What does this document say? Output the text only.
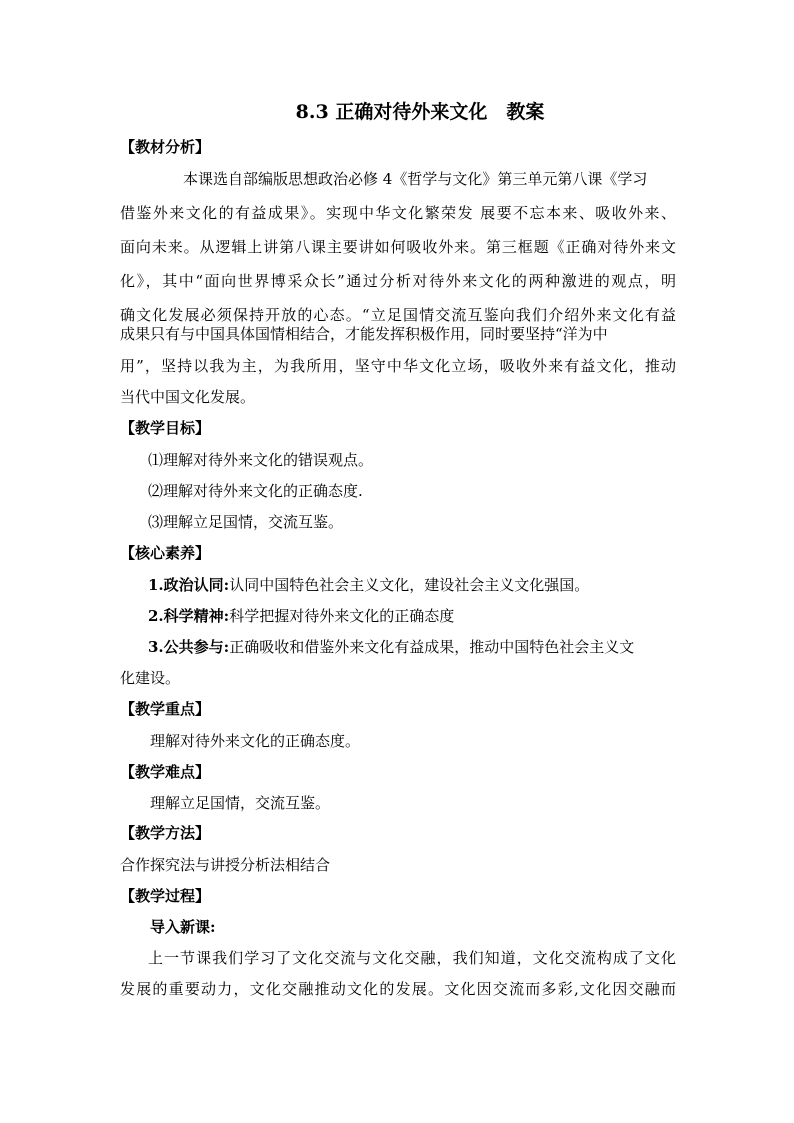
8.3 正确对待外来文化　教案
【教材分析】
本课选自部编版思想政治必修 4《哲学与文化》第三单元第八课《学习
借鉴外来文化的有益成果》。实现中华文化繁荣发 展要不忘本来、吸收外来、
面向未来。从逻辑上讲第八课主要讲如何吸收外来。第三框题《正确对待外来文
化》，其中“面向世界博采众长”通过分析对待外来文化的两种激进的观点，明
确文化发展必须保持开放的心态。“立足国情交流互鉴向我们介绍外来文化有益
成果只有与中国具体国情相结合，才能发挥积极作用，同时要坚持“洋为中
用”，坚持以我为主，为我所用，坚守中华文化立场，吸收外来有益文化，推动
当代中国文化发展。
【教学目标】
⑴理解对待外来文化的错误观点。
⑵理解对待外来文化的正确态度.
⑶理解立足国情，交流互鉴。
【核心素养】
1.政治认同:认同中国特色社会主义文化，建设社会主义文化强国。
2.科学精神:科学把握对待外来文化的正确态度
3.公共参与:正确吸收和借鉴外来文化有益成果，推动中国特色社会主义文
化建设。
【教学重点】
理解对待外来文化的正确态度。
【教学难点】
理解立足国情，交流互鉴。
【教学方法】
合作探究法与讲授分析法相结合
【教学过程】
导入新课:
上一节课我们学习了文化交流与文化交融，我们知道，文化交流构成了文化
发展的重要动力，文化交融推动文化的发展。文化因交流而多彩,文化因交融而
